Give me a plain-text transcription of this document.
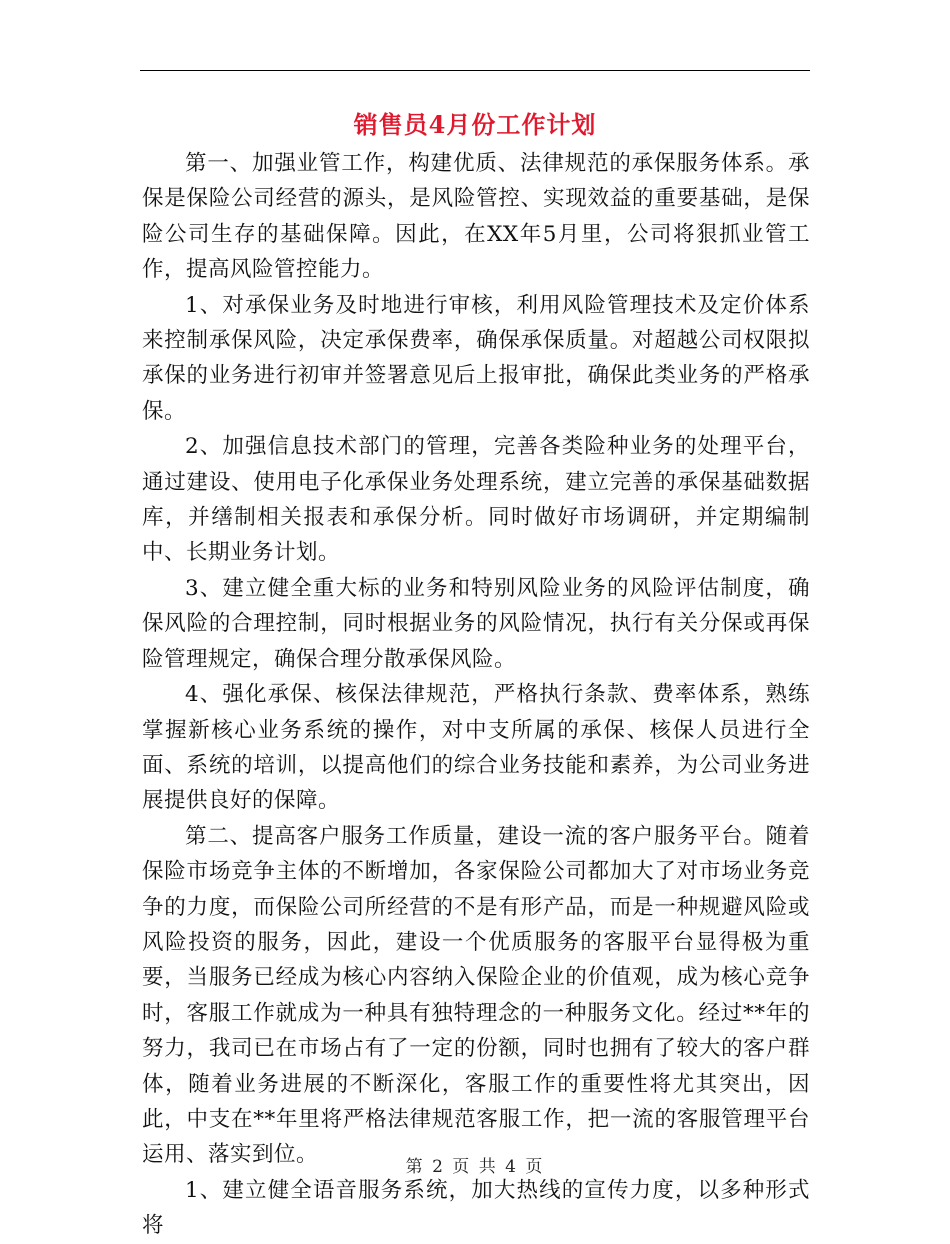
销售员4月份工作计划

第一、加强业管工作，构建优质、法律规范的承保服务体系。承保是保险公司经营的源头，是风险管控、实现效益的重要基础，是保险公司生存的基础保障。因此，在XX年5月里，公司将狠抓业管工作，提高风险管控能力。

1、对承保业务及时地进行审核，利用风险管理技术及定价体系来控制承保风险，决定承保费率，确保承保质量。对超越公司权限拟承保的业务进行初审并签署意见后上报审批，确保此类业务的严格承保。

2、加强信息技术部门的管理，完善各类险种业务的处理平台，通过建设、使用电子化承保业务处理系统，建立完善的承保基础数据库，并缮制相关报表和承保分析。同时做好市场调研，并定期编制中、长期业务计划。

3、建立健全重大标的业务和特别风险业务的风险评估制度，确保风险的合理控制，同时根据业务的风险情况，执行有关分保或再保险管理规定，确保合理分散承保风险。

4、强化承保、核保法律规范，严格执行条款、费率体系，熟练掌握新核心业务系统的操作，对中支所属的承保、核保人员进行全面、系统的培训，以提高他们的综合业务技能和素养，为公司业务进展提供良好的保障。

第二、提高客户服务工作质量，建设一流的客户服务平台。随着保险市场竞争主体的不断增加，各家保险公司都加大了对市场业务竞争的力度，而保险公司所经营的不是有形产品，而是一种规避风险或风险投资的服务，因此，建设一个优质服务的客服平台显得极为重要，当服务已经成为核心内容纳入保险企业的价值观，成为核心竞争时，客服工作就成为一种具有独特理念的一种服务文化。经过**年的努力，我司已在市场占有了一定的份额，同时也拥有了较大的客户群体，随着业务进展的不断深化，客服工作的重要性将尤其突出，因此，中支在**年里将严格法律规范客服工作，把一流的客服管理平台运用、落实到位。

1、建立健全语音服务系统，加大热线的宣传力度，以多种形式将

第 2 页 共 4 页
